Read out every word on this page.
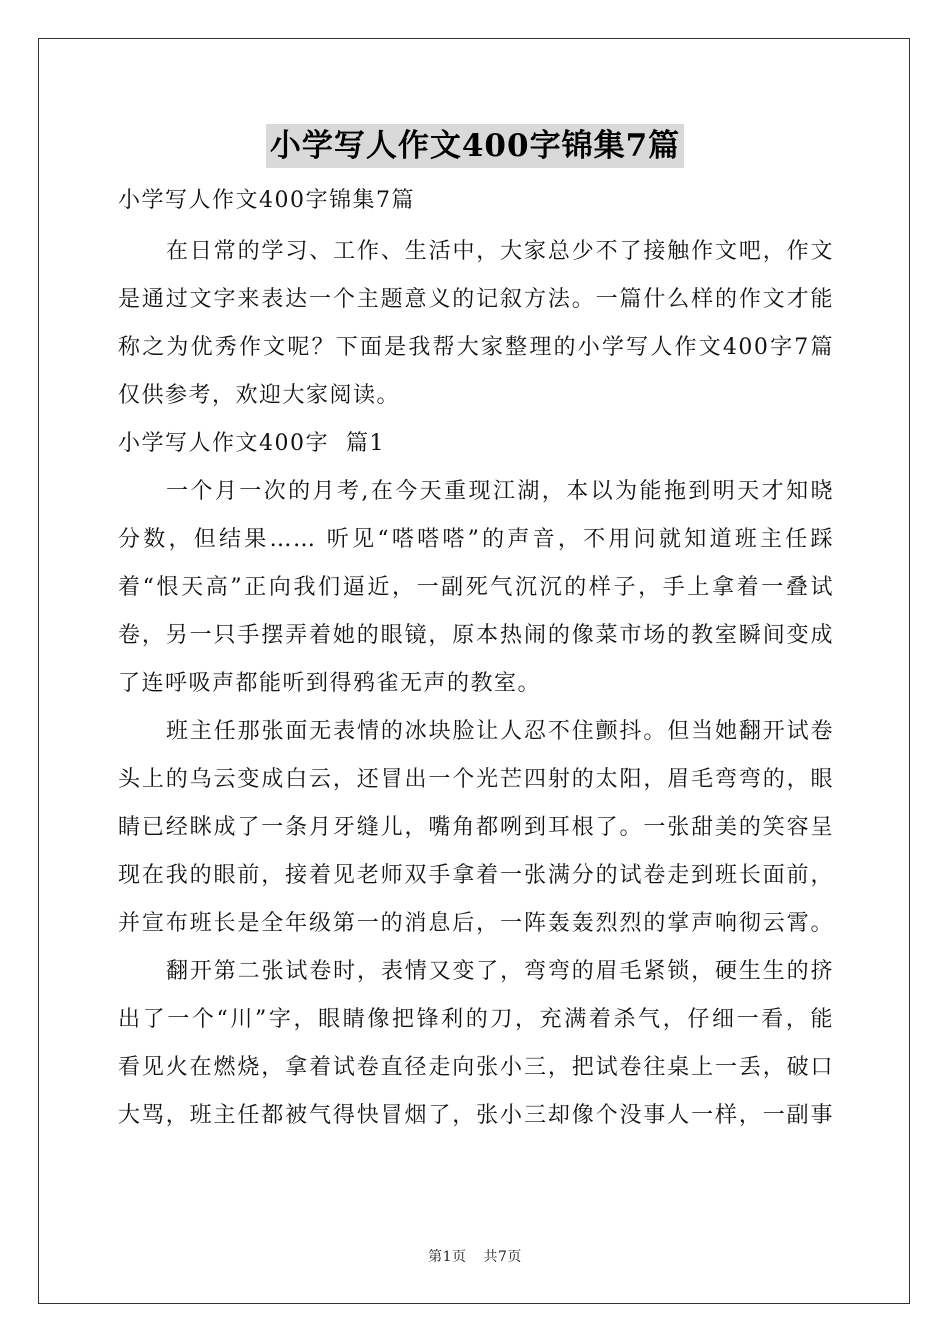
小学写人作文400字锦集7篇
小学写人作文400字锦集7篇
在日常的学习、工作、生活中，大家总少不了接触作文吧，作文
是通过文字来表达一个主题意义的记叙方法。一篇什么样的作文才能
称之为优秀作文呢？下面是我帮大家整理的小学写人作文400字7篇
仅供参考，欢迎大家阅读。
小学写人作文400字  篇1
一个月一次的月考,在今天重现江湖，本以为能拖到明天才知晓
分数，但结果…… 听见“嗒嗒嗒”的声音，不用问就知道班主任踩
着“恨天高”正向我们逼近，一副死气沉沉的样子，手上拿着一叠试
卷，另一只手摆弄着她的眼镜，原本热闹的像菜市场的教室瞬间变成
了连呼吸声都能听到得鸦雀无声的教室。
班主任那张面无表情的冰块脸让人忍不住颤抖。但当她翻开试卷
头上的乌云变成白云，还冒出一个光芒四射的太阳，眉毛弯弯的，眼
睛已经眯成了一条月牙缝儿，嘴角都咧到耳根了。一张甜美的笑容呈
现在我的眼前，接着见老师双手拿着一张满分的试卷走到班长面前，
并宣布班长是全年级第一的消息后，一阵轰轰烈烈的掌声响彻云霄。
翻开第二张试卷时，表情又变了，弯弯的眉毛紧锁，硬生生的挤
出了一个“川”字，眼睛像把锋利的刀，充满着杀气，仔细一看，能
看见火在燃烧，拿着试卷直径走向张小三，把试卷往桌上一丢，破口
大骂，班主任都被气得快冒烟了，张小三却像个没事人一样，一副事
第1页 共7页
